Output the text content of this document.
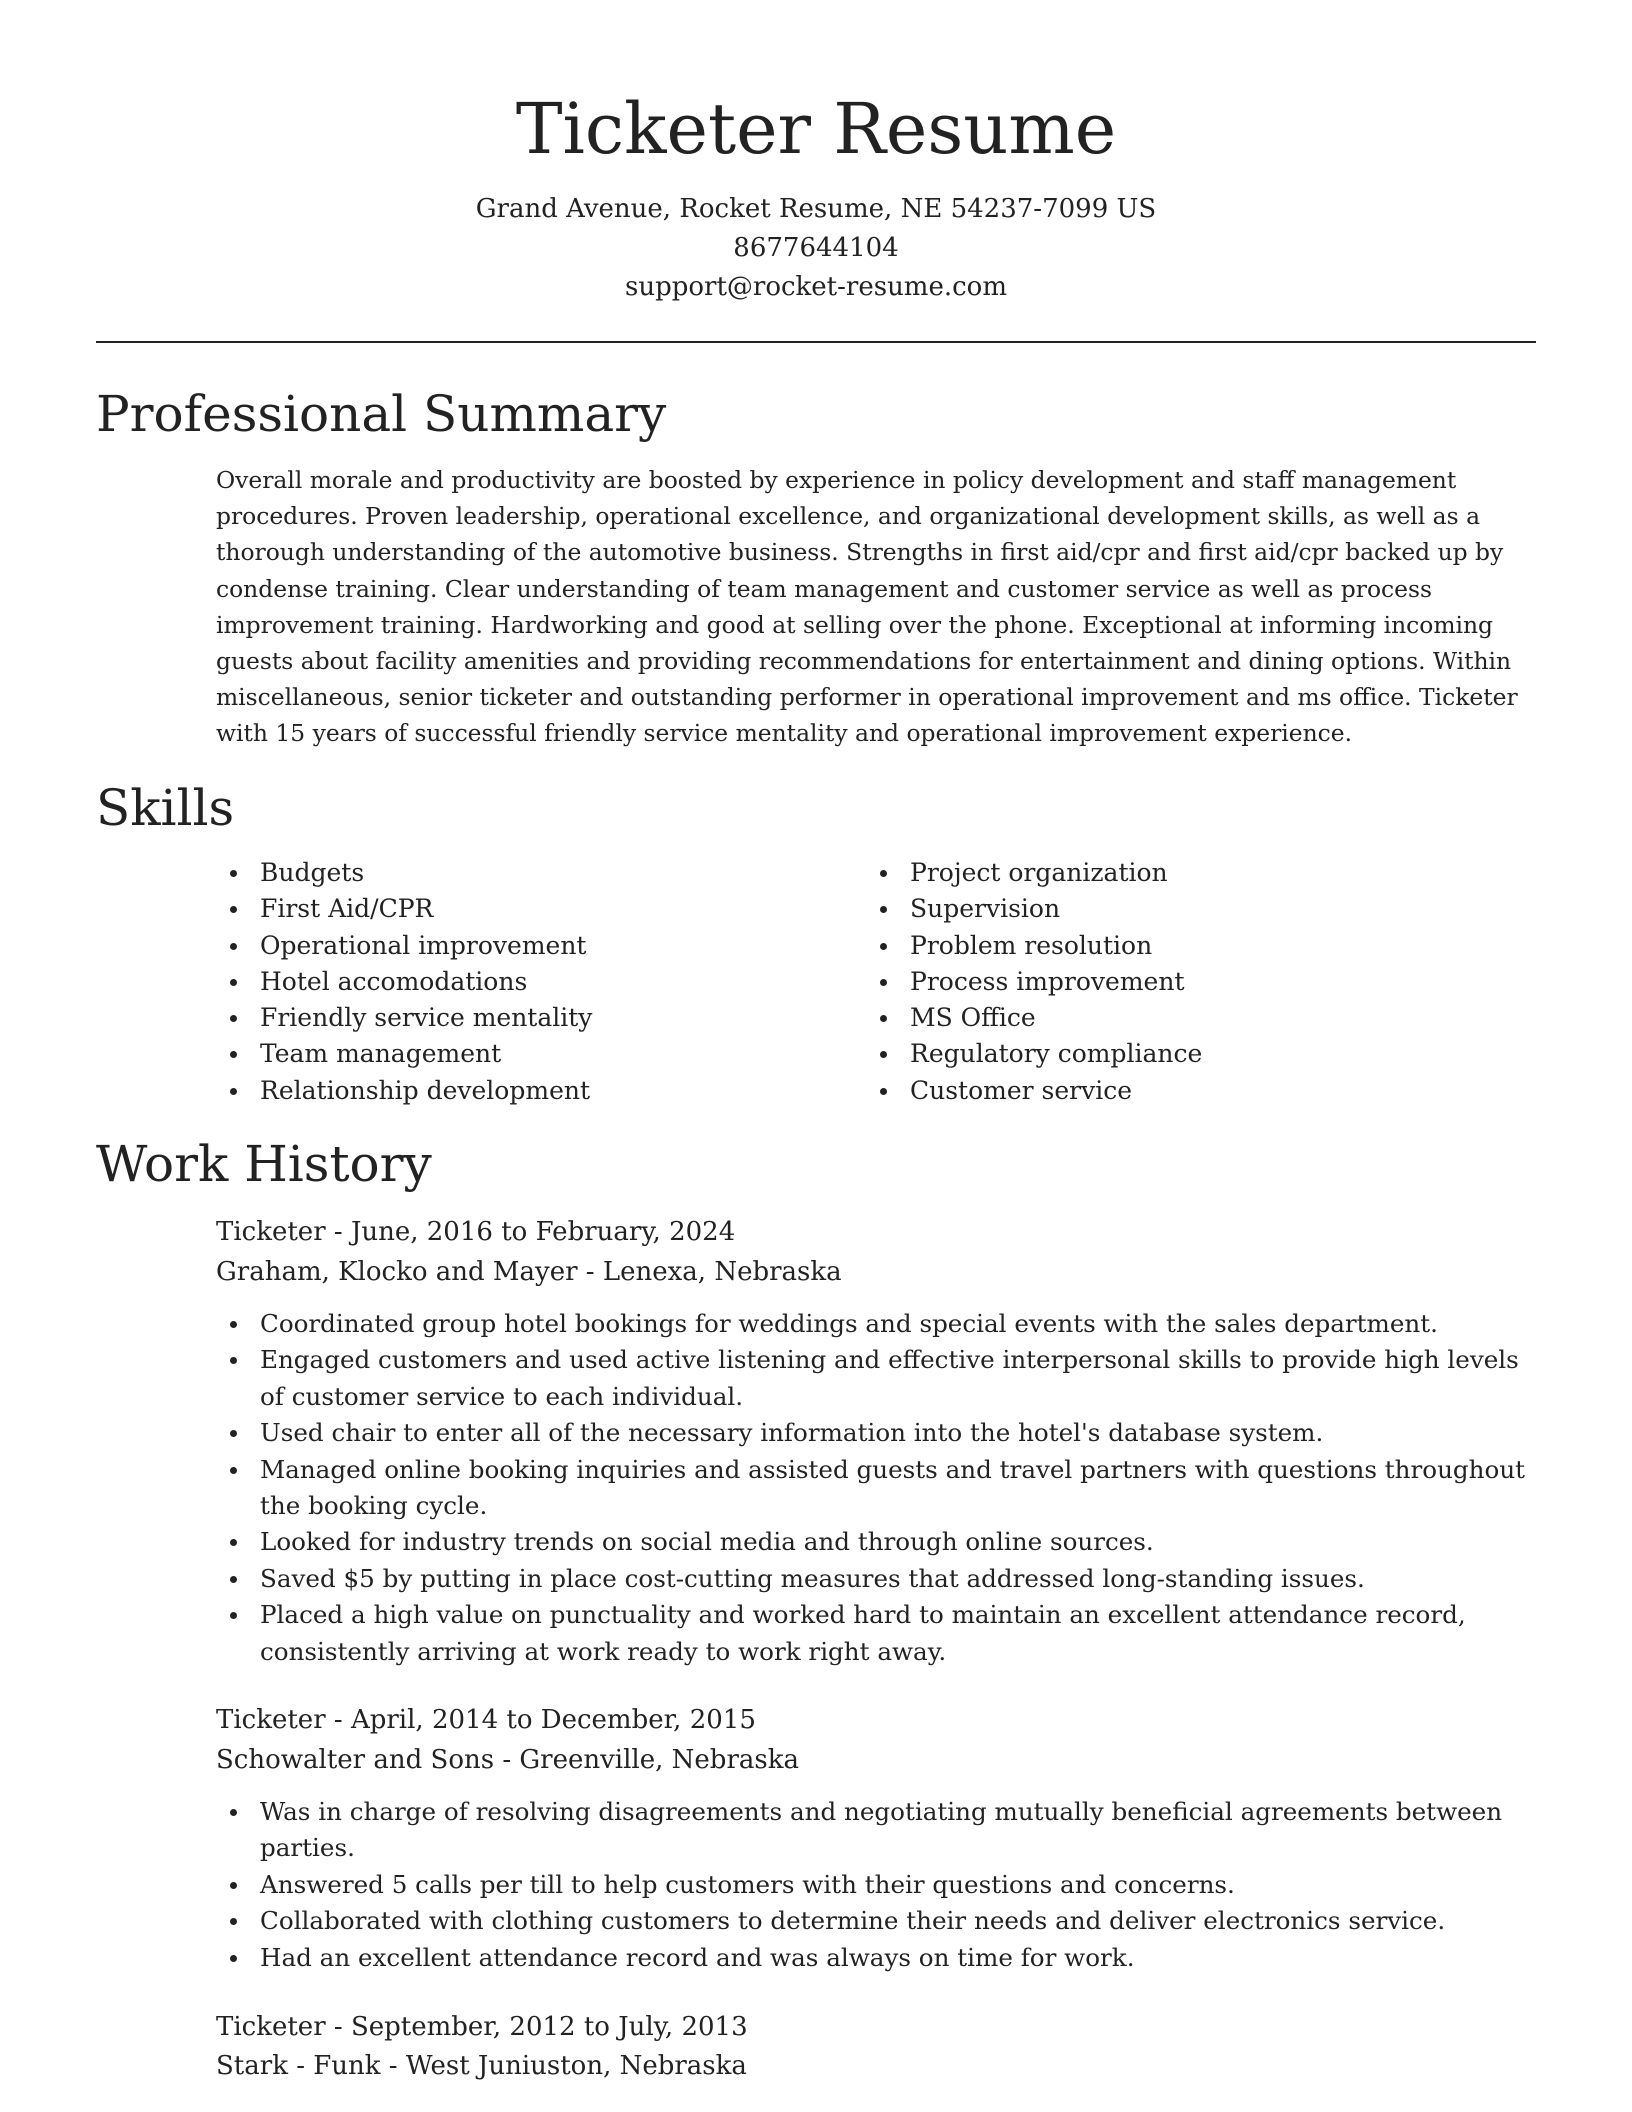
Ticketer Resume
Grand Avenue, Rocket Resume, NE 54237-7099 US
8677644104
support@rocket-resume.com
Professional Summary

Overall morale and productivity are boosted by experience in policy development and staff management procedures. Proven leadership, operational excellence, and organizational development skills, as well as a thorough understanding of the automotive business. Strengths in first aid/cpr and first aid/cpr backed up by condense training. Clear understanding of team management and customer service as well as process improvement training. Hardworking and good at selling over the phone. Exceptional at informing incoming guests about facility amenities and providing recommendations for entertainment and dining options. Within miscellaneous, senior ticketer and outstanding performer in operational improvement and ms office. Ticketer with 15 years of successful friendly service mentality and operational improvement experience.

Skills
Budgets
First Aid/CPR
Operational improvement
Hotel accomodations
Friendly service mentality
Team management
Relationship development
Project organization
Supervision
Problem resolution
Process improvement
MS Office
Regulatory compliance
Customer service
Work History
Ticketer - June, 2016 to February, 2024
Graham, Klocko and Mayer - Lenexa, Nebraska
Coordinated group hotel bookings for weddings and special events with the sales department.
Engaged customers and used active listening and effective interpersonal skills to provide high levels of customer service to each individual.
Used chair to enter all of the necessary information into the hotel's database system.
Managed online booking inquiries and assisted guests and travel partners with questions throughout the booking cycle.
Looked for industry trends on social media and through online sources.
Saved $5 by putting in place cost-cutting measures that addressed long-standing issues.
Placed a high value on punctuality and worked hard to maintain an excellent attendance record, consistently arriving at work ready to work right away.
Ticketer - April, 2014 to December, 2015
Schowalter and Sons - Greenville, Nebraska
Was in charge of resolving disagreements and negotiating mutually beneficial agreements between parties.
Answered 5 calls per till to help customers with their questions and concerns.
Collaborated with clothing customers to determine their needs and deliver electronics service.
Had an excellent attendance record and was always on time for work.
Ticketer - September, 2012 to July, 2013
Stark - Funk - West Juniuston, Nebraska
